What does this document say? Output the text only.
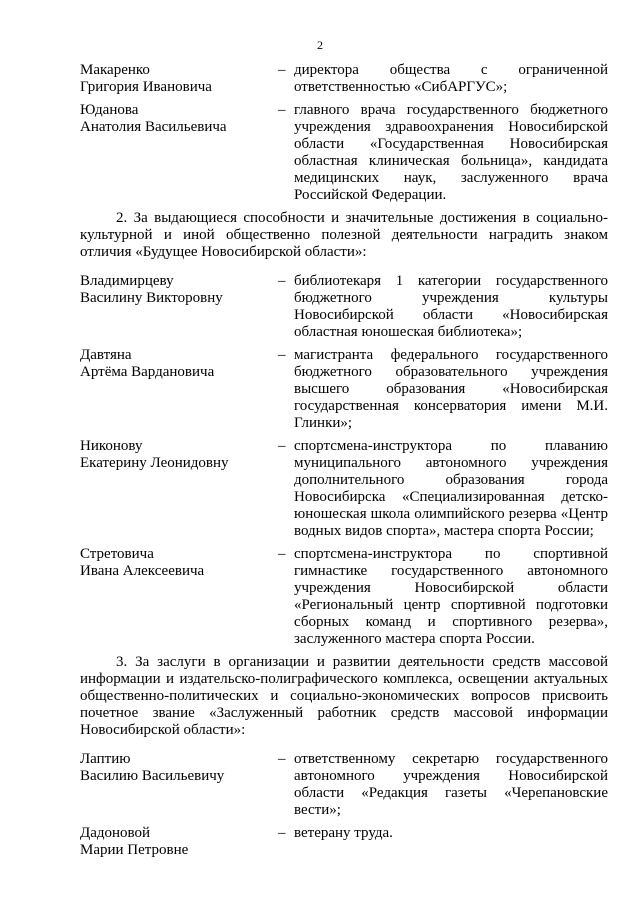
2
Макаренко
Григория Ивановича
– директора общества с ограниченной ответственностью «СибАРГУС»;
Юданова
Анатолия Васильевича
– главного врача государственного бюджетного учреждения здравоохранения Новосибирской области «Государственная Новосибирская областная клиническая больница», кандидата медицинских наук, заслуженного врача Российской Федерации.

2. За выдающиеся способности и значительные достижения в социально-культурной и иной общественно полезной деятельности наградить знаком отличия «Будущее Новосибирской области»:

Владимирцеву
Василину Викторовну
– библиотекаря 1 категории государственного бюджетного учреждения культуры Новосибирской области «Новосибирская областная юношеская библиотека»;
Давтяна
Артёма Вардановича
– магистранта федерального государственного бюджетного образовательного учреждения высшего образования «Новосибирская государственная консерватория имени М.И. Глинки»;
Никонову
Екатерину Леонидовну
– спортсмена-инструктора по плаванию муниципального автономного учреждения дополнительного образования города Новосибирска «Специализированная детско-юношеская школа олимпийского резерва «Центр водных видов спорта», мастера спорта России;
Стретовича
Ивана Алексеевича
– спортсмена-инструктора по спортивной гимнастике государственного автономного учреждения Новосибирской области «Региональный центр спортивной подготовки сборных команд и спортивного резерва», заслуженного мастера спорта России.

3. За заслуги в организации и развитии деятельности средств массовой информации и издательско-полиграфического комплекса, освещении актуальных общественно-политических и социально-экономических вопросов присвоить почетное звание «Заслуженный работник средств массовой информации Новосибирской области»:

Лаптию
Василию Васильевичу
– ответственному секретарю государственного автономного учреждения Новосибирской области «Редакция газеты «Черепановские вести»;
Дадоновой
Марии Петровне
– ветерану труда.
